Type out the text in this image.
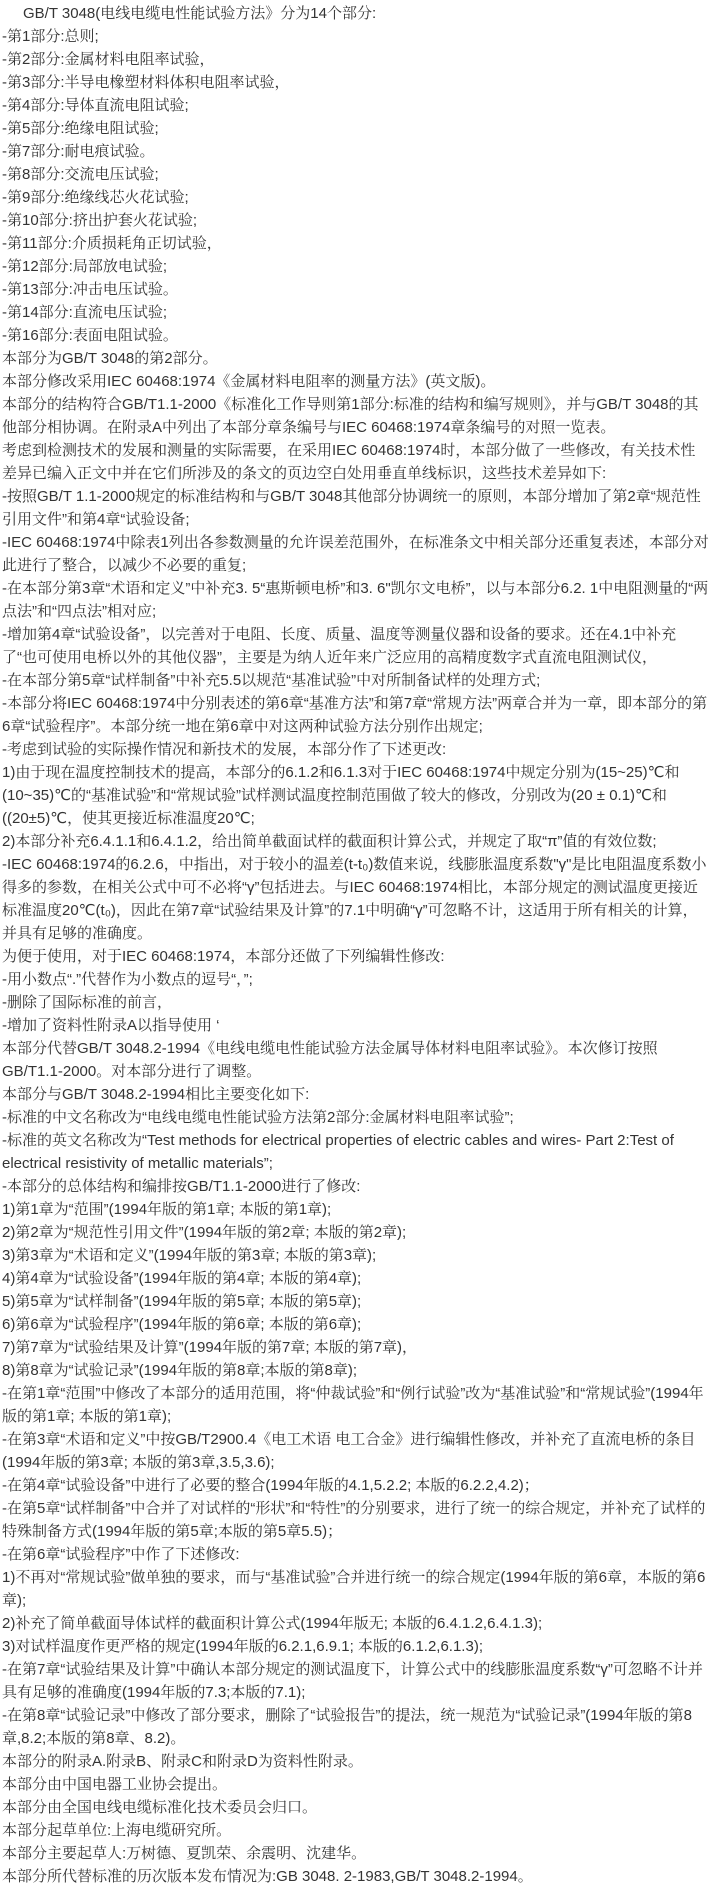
GB/T 3048(电线电缆电性能试验方法》分为14个部分:

-第1部分:总则;

-第2部分:金属材料电阻率试验，

-第3部分:半导电橡塑材料体积电阻率试验，

-第4部分:导体直流电阻试验;

-第5部分:绝缘电阻试验;

-第7部分:耐电痕试验。

-第8部分:交流电压试验;

-第9部分:绝缘线芯火花试验;

-第10部分:挤出护套火花试验;

-第11部分:介质损耗角正切试验，

-第12部分:局部放电试验;

-第13部分:冲击电压试验。

-第14部分:直流电压试验;

-第16部分:表面电阻试验。

本部分为GB/T 3048的第2部分。

本部分修改采用IEC 60468:1974《金属材料电阻率的测量方法》(英文版)。

本部分的结构符合GB/T1.1-2000《标准化工作导则第1部分:标准的结构和编写规则》，并与GB/T 3048的其他部分相协调。在附录A中列出了本部分章条编号与IEC 60468:1974章条编号的对照一览表。

考虑到检测技术的发展和测量的实际需要，在采用IEC 60468:1974时，本部分做了一些修改，有关技术性差异已编入正文中并在它们所涉及的条文的页边空白处用垂直单线标识，这些技术差异如下:

-按照GB/T 1.1-2000规定的标准结构和与GB/T 3048其他部分协调统一的原则，本部分增加了第2章“规范性引用文件”和第4章“试验设备;

-IEC 60468:1974中除表1列出各参数测量的允许误差范围外，在标准条文中相关部分还重复表述，本部分对此进行了整合，以减少不必要的重复;

-在本部分第3章“术语和定义”中补充3. 5“惠斯顿电桥”和3. 6"凯尔文电桥”，以与本部分6.2. 1中电阻测量的“两点法”和“四点法”相对应;

-增加第4章“试验设备”，以完善对于电阻、长度、质量、温度等测量仪器和设备的要求。还在4.1中补充了“也可使用电桥以外的其他仪器”，主要是为纳人近年来广泛应用的高精度数字式直流电阻测试仪，

-在本部分第5章“试样制备”中补充5.5以规范“基准试验”中对所制备试样的处理方式;

-本部分将IEC 60468:1974中分别表述的第6章“基准方法”和第7章“常规方法”两章合并为一章，即本部分的第6章“试验程序”。本部分统一地在第6章中对这两种试验方法分别作出规定;

-考虑到试验的实际操作情况和新技术的发展，本部分作了下述更改:

1)由于现在温度控制技术的提高，本部分的6.1.2和6.1.3对于IEC 60468:1974中规定分别为(15~25)℃和(10~35)℃的“基准试验”和“常规试验”试样测试温度控制范围做了较大的修改，分别改为(20 ± 0.1)℃和((20±5)℃，使其更接近标准温度20℃;

2)本部分补充6.4.1.1和6.4.1.2，给出简单截面试样的截面积计算公式，并规定了取“π”值的有效位数;

-IEC 60468:1974的6.2.6，中指出，对于较小的温差(t-t₀)数值来说，线膨胀温度系数"γ"是比电阻温度系数小得多的参数，在相关公式中可不必将“γ”包括进去。与IEC 60468:1974相比，本部分规定的测试温度更接近标准温度20℃(t₀)，因此在第7章“试验结果及计算”的7.1中明确“γ”可忽略不计，这适用于所有相关的计算，并具有足够的准确度。

为便于使用，对于IEC 60468:1974，本部分还做了下列编辑性修改:

-用小数点“.”代替作为小数点的逗号“，”;

-删除了国际标准的前言，

-增加了资料性附录A以指导使用 ‘

本部分代替GB/T 3048.2-1994《电线电缆电性能试验方法金属导体材料电阻率试验》。本次修订按照GB/T1.1-2000。对本部分进行了调整。

本部分与GB/T 3048.2-1994相比主要变化如下:

-标准的中文名称改为“电线电缆电性能试验方法第2部分:金属材料电阻率试验”;

-标准的英文名称改为“Test methods for electrical properties of electric cables and wires- Part 2:Test of electrical resistivity of metallic materials”;

-本部分的总体结构和编排按GB/T1.1-2000进行了修改:

1)第1章为“范围”(1994年版的第1章; 本版的第1章);

2)第2章为“规范性引用文件”(1994年版的第2章; 本版的第2章);

3)第3章为“术语和定义”(1994年版的第3章; 本版的第3章);

4)第4章为“试验设备”(1994年版的第4章; 本版的第4章);

5)第5章为“试样制备”(1994年版的第5章; 本版的第5章);

6)第6章为“试验程序”(1994年版的第6章; 本版的第6章);

7)第7章为“试验结果及计算”(1994年版的第7章; 本版的第7章)，

8)第8章为“试验记录”(1994年版的第8章;本版的第8章);

-在第1章“范围”中修改了本部分的适用范围，将“仲裁试验”和“例行试验”改为“基准试验”和“常规试验”(1994年版的第1章; 本版的第1章);

-在第3章“术语和定义”中按GB/T2900.4《电工术语 电工合金》进行编辑性修改，并补充了直流电桥的条目(1994年版的第3章; 本版的第3章,3.5,3.6);

-在第4章“试验设备”中进行了必要的整合(1994年版的4.1,5.2.2; 本版的6.2.2,4.2)；

-在第5章“试样制备”中合并了对试样的“形状”和“特性”的分别要求，进行了统一的综合规定，并补充了试样的特殊制备方式(1994年版的第5章;本版的第5章5.5)；

-在第6章“试验程序”中作了下述修改:

1)不再对“常规试验”做单独的要求，而与“基准试验”合并进行统一的综合规定(1994年版的第6章，本版的第6章);

2)补充了简单截面导体试样的截面积计算公式(1994年版无; 本版的6.4.1.2,6.4.1.3);

3)对试样温度作更严格的规定(1994年版的6.2.1,6.9.1; 本版的6.1.2,6.1.3);

-在第7章“试验结果及计算”中确认本部分规定的测试温度下，计算公式中的线膨胀温度系数“γ”可忽略不计并具有足够的准确度(1994年版的7.3;本版的7.1);

-在第8章“试验记录”中修改了部分要求，删除了“试验报告”的提法，统一规范为“试验记录”(1994年版的第8章,8.2;本版的第8章、8.2)。

本部分的附录A.附录B、附录C和附录D为资料性附录。

本部分由中国电器工业协会提出。

本部分由全国电线电缆标准化技术委员会归口。

本部分起草单位:上海电缆研究所。

本部分主要起草人:万树德、夏凯荣、余震明、沈建华。

本部分所代替标准的历次版本发布情况为:GB 3048. 2-1983,GB/T 3048.2-1994。
